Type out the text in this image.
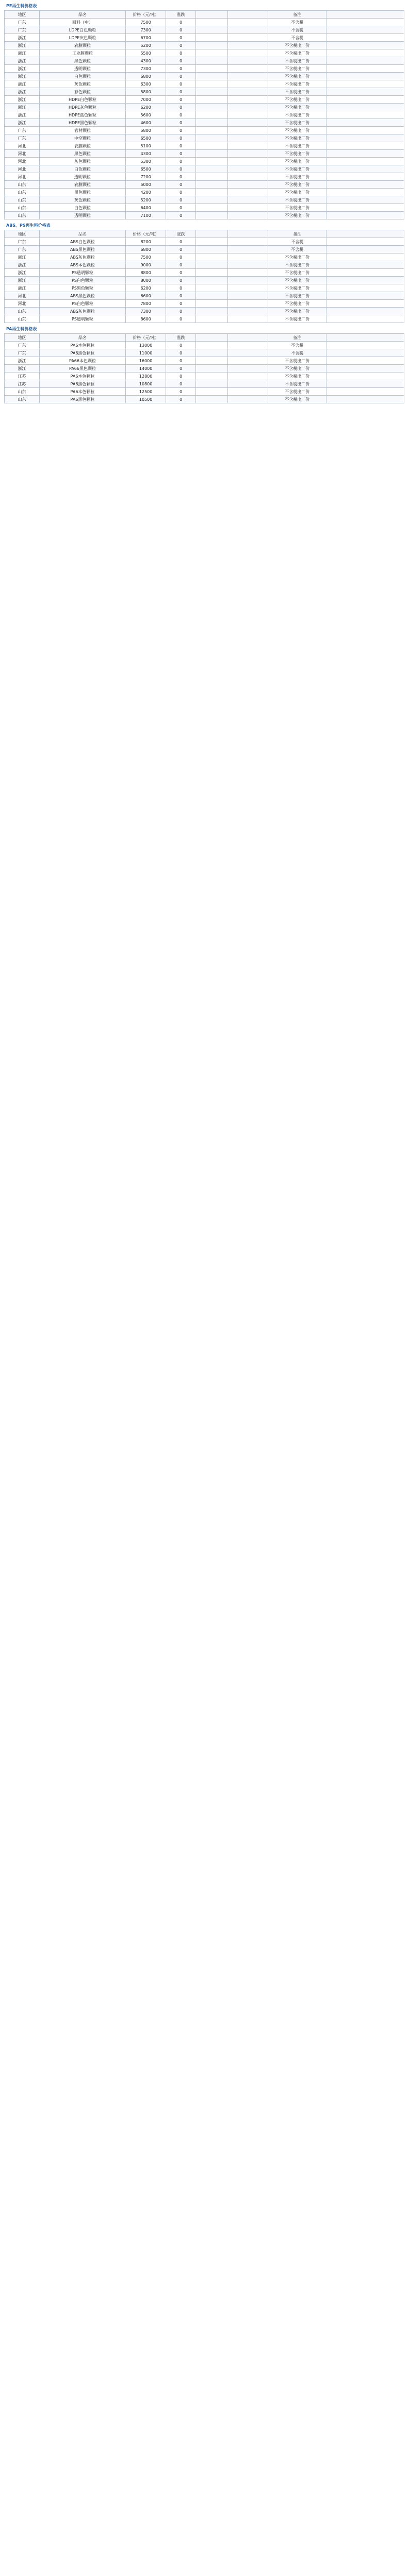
PE再生料价格表
地区	品名	价格（元/吨）	涨跌			备注	
广东	回料（中）	7500	0			不含税	
广东	LDPE白色颗粒	7300	0			不含税	
浙江	LDPE灰色颗粒	6700	0			不含税	
浙江	农膜颗粒	5200	0			不含税出厂价	
浙江	工业膜颗粒	5500	0			不含税出厂价	
浙江	黑色颗粒	4300	0			不含税出厂价	
浙江	透明颗粒	7300	0			不含税出厂价	
浙江	白色颗粒	6800	0			不含税出厂价	
浙江	灰色颗粒	6300	0			不含税出厂价	
浙江	彩色颗粒	5800	0			不含税出厂价	
浙江	HDPE白色颗粒	7000	0			不含税出厂价	
浙江	HDPE灰色颗粒	6200	0			不含税出厂价	
浙江	HDPE蓝色颗粒	5600	0			不含税出厂价	
浙江	HDPE黑色颗粒	4600	0			不含税出厂价	
广东	管材颗粒	5800	0			不含税出厂价	
广东	中空颗粒	6500	0			不含税出厂价	
河北	农膜颗粒	5100	0			不含税出厂价	
河北	黑色颗粒	4300	0			不含税出厂价	
河北	灰色颗粒	5300	0			不含税出厂价	
河北	白色颗粒	6500	0			不含税出厂价	
河北	透明颗粒	7200	0			不含税出厂价	
山东	农膜颗粒	5000	0			不含税出厂价	
山东	黑色颗粒	4200	0			不含税出厂价	
山东	灰色颗粒	5200	0			不含税出厂价	
山东	白色颗粒	6400	0			不含税出厂价	
山东	透明颗粒	7100	0			不含税出厂价	
ABS、PS再生料价格表
地区	品名	价格（元/吨）	涨跌			备注	
广东	ABS白色颗粒	8200	0			不含税	
广东	ABS黑色颗粒	6800	0			不含税	
浙江	ABS灰色颗粒	7500	0			不含税出厂价	
浙江	ABS本色颗粒	9000	0			不含税出厂价	
浙江	PS透明颗粒	8800	0			不含税出厂价	
浙江	PS白色颗粒	8000	0			不含税出厂价	
浙江	PS黑色颗粒	6200	0			不含税出厂价	
河北	ABS黑色颗粒	6600	0			不含税出厂价	
河北	PS白色颗粒	7800	0			不含税出厂价	
山东	ABS灰色颗粒	7300	0			不含税出厂价	
山东	PS透明颗粒	8600	0			不含税出厂价	
PA再生料价格表
地区	品名	价格（元/吨）	涨跌			备注	
广东	PA6本色颗粒	13000	0			不含税	
广东	PA6黑色颗粒	11000	0			不含税	
浙江	PA66本色颗粒	16000	0			不含税出厂价	
浙江	PA66黑色颗粒	14000	0			不含税出厂价	
江苏	PA6本色颗粒	12800	0			不含税出厂价	
江苏	PA6黑色颗粒	10800	0			不含税出厂价	
山东	PA6本色颗粒	12500	0			不含税出厂价	
山东	PA6黑色颗粒	10500	0			不含税出厂价	
